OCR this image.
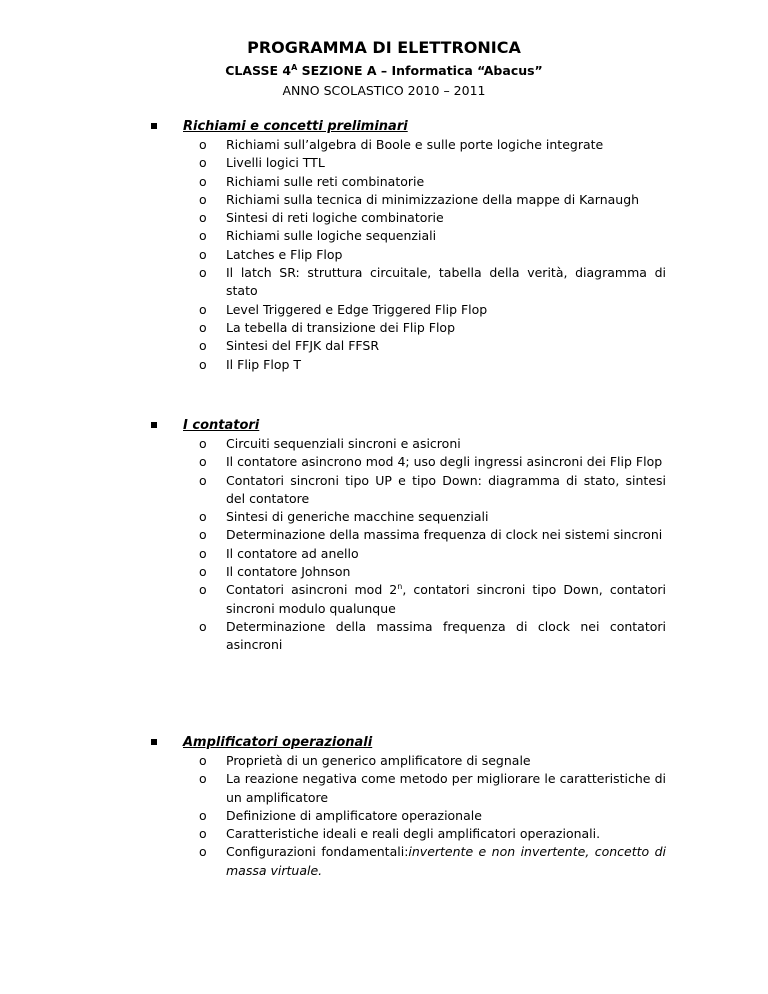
PROGRAMMA DI ELETTRONICA
CLASSE $4^A$ SEZIONE A – Informatica “Abacus”
ANNO SCOLASTICO 2010 – 2011
Richiami e concetti preliminari
o Richiami sull’algebra di Boole e sulle porte logiche integrate
o Livelli logici TTL
o Richiami sulle reti combinatorie
o Richiami sulla tecnica di minimizzazione della mappe di Karnaugh
o Sintesi di reti logiche combinatorie
o Richiami sulle logiche sequenziali
o Latches e Flip Flop
o Il latch SR: struttura circuitale, tabella della verità, diagramma di stato
o Level Triggered e Edge Triggered Flip Flop
o La tebella di transizione dei Flip Flop
o Sintesi del FFJK dal FFSR
o Il Flip Flop T
I contatori
o Circuiti sequenziali sincroni e asicroni
o Il contatore asincrono mod 4; uso degli ingressi asincroni dei Flip Flop
o Contatori sincroni tipo UP e tipo Down: diagramma di stato, sintesi del contatore
o Sintesi di generiche macchine sequenziali
o Determinazione della massima frequenza di clock nei sistemi sincroni
o Il contatore ad anello
o Il contatore Johnson
o Contatori asincroni mod 2$^n$, contatori sincroni tipo Down, contatori sincroni modulo qualunque
o Determinazione della massima frequenza di clock nei contatori asincroni
Amplificatori operazionali
o Proprietà di un generico amplificatore di segnale
o La reazione negativa come metodo per migliorare le caratteristiche di un amplificatore
o Definizione di amplificatore operazionale
o Caratteristiche ideali e reali degli amplificatori operazionali.
o Configurazioni fondamentali:invertente e non invertente, concetto di massa virtuale.
